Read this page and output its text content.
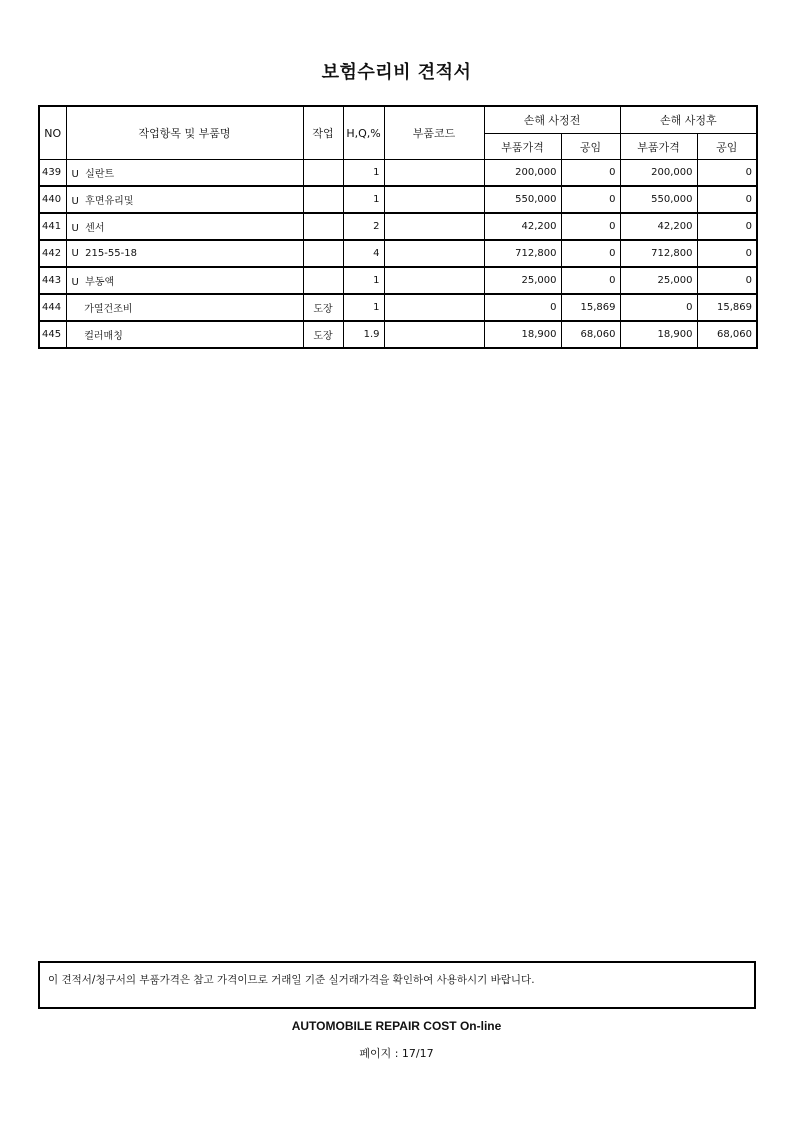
보험수리비 견적서
NO	작업항목 및 부품명	작업	H,Q,%	부품코드	손해 사정전		손해 사정후	
					부품가격	공임	부품가격	공임
439	U  실란트		1		200,000	0	200,000	0
440	U  후면유리및		1		550,000	0	550,000	0
441	U  센서		2		42,200	0	42,200	0
442	U  215-55-18		4		712,800	0	712,800	0
443	U  부동액		1		25,000	0	25,000	0
444	가열건조비	도장	1		0	15,869	0	15,869
445	컬러매칭	도장	1.9		18,900	68,060	18,900	68,060
이 견적서/청구서의 부품가격은 참고 가격이므로 거래일 기준 실거래가격을 확인하여 사용하시기 바랍니다.
AUTOMOBILE REPAIR COST On-line
페이지 : 17/17
